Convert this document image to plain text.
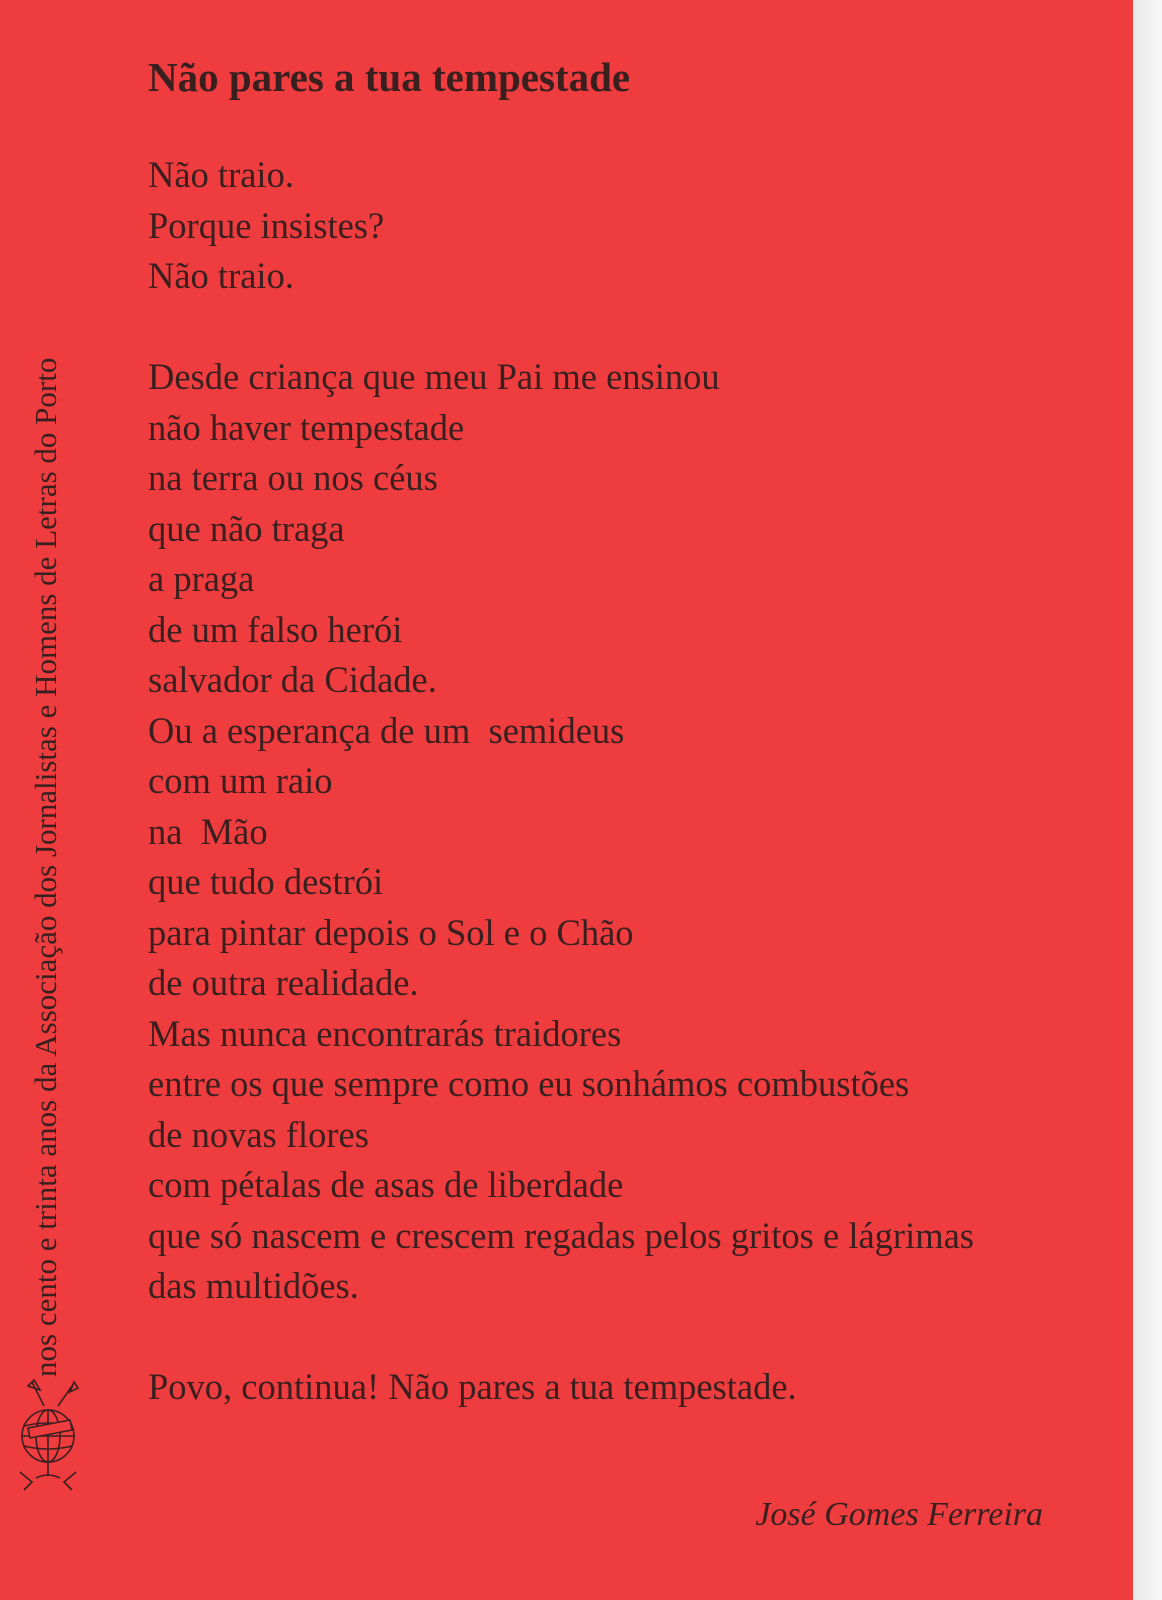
Não pares a tua tempestade
Não traio.
Porque insistes?
Não traio.
Desde criança que meu Pai me ensinou
não haver tempestade
na terra ou nos céus
que não traga
a praga
de um falso herói
salvador da Cidade.
Ou a esperança de um  semideus
com um raio
na  Mão
que tudo destrói
para pintar depois o Sol e o Chão
de outra realidade.
Mas nunca encontrarás traidores
entre os que sempre como eu sonhámos combustões
de novas flores
com pétalas de asas de liberdade
que só nascem e crescem regadas pelos gritos e lágrimas
das multidões.
Povo, continua! Não pares a tua tempestade.
José Gomes Ferreira
nos cento e trinta anos da Associação dos Jornalistas e Homens de Letras do Porto
